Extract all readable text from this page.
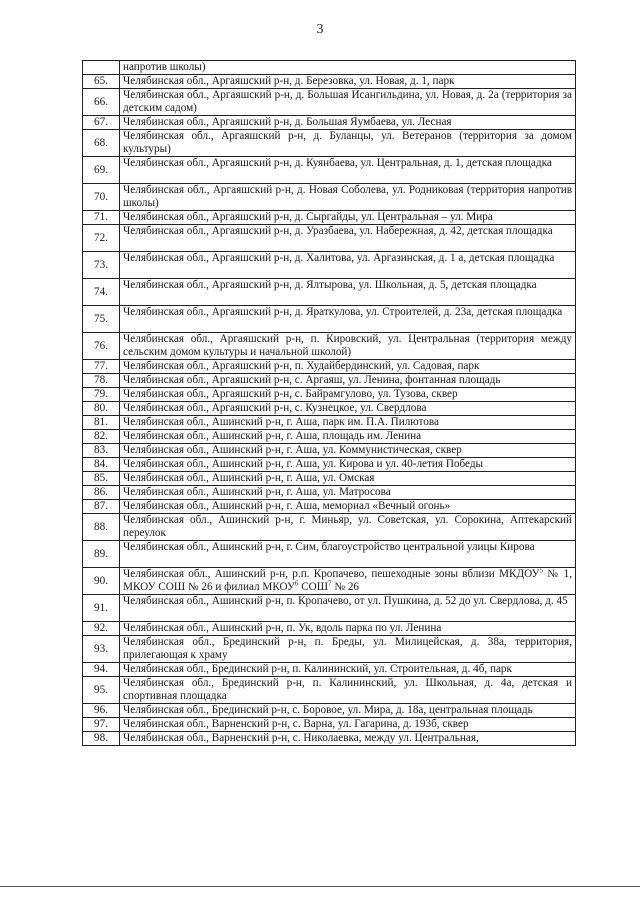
3
	напротив школы)
65.	Челябинская обл., Аргаяшский р-н, д. Березовка, ул. Новая, д. 1, парк
66.	Челябинская обл., Аргаяшский р-н, д. Большая Исангильдина, ул. Новая, д. 2а (территория за детским садом)
67.	Челябинская обл., Аргаяшский р-н, д. Большая Яумбаева, ул. Лесная
68.	Челябинская обл., Аргаяшский р-н, д. Буланцы, ул. Ветеранов (территория за домом культуры)
69.	Челябинская обл., Аргаяшский р-н, д. Куянбаева, ул. Центральная, д. 1, детская площадка
70.	Челябинская обл., Аргаяшский р-н, д. Новая Соболева, ул. Родниковая (территория напротив школы)
71.	Челябинская обл., Аргаяшский р-н, д. Сыргайды, ул. Центральная – ул. Мира
72.	Челябинская обл., Аргаяшский р-н, д. Уразбаева, ул. Набережная, д. 42, детская площадка
73.	Челябинская обл., Аргаяшский р-н, д. Халитова, ул. Аргазинская, д. 1 а, детская площадка
74.	Челябинская обл., Аргаяшский р-н, д. Ялтырова, ул. Школьная, д. 5, детская площадка
75.	Челябинская обл., Аргаяшский р-н, д. Яраткулова, ул. Строителей, д. 23а, детская площадка
76.	Челябинская обл., Аргаяшский р-н, п. Кировский, ул. Центральная (территория между сельским домом культуры и начальной школой)
77.	Челябинская обл., Аргаяшский р-н, п. Худайбердинский, ул. Садовая, парк
78.	Челябинская обл., Аргаяшский р-н, с. Аргаяш, ул. Ленина, фонтанная площадь
79.	Челябинская обл., Аргаяшский р-н, с. Байрамгулово, ул. Тузова, сквер
80.	Челябинская обл., Аргаяшский р-н, с. Кузнецкое, ул. Свердлова
81.	Челябинская обл., Ашинский р-н, г. Аша, парк им. П.А. Пилютова
82.	Челябинская обл., Ашинский р-н, г. Аша, площадь им. Ленина
83.	Челябинская обл., Ашинский р-н, г. Аша, ул. Коммунистическая, сквер
84.	Челябинская обл., Ашинский р-н, г. Аша, ул. Кирова и ул. 40-летия Победы
85.	Челябинская обл., Ашинский р-н, г. Аша, ул. Омская
86.	Челябинская обл., Ашинский р-н, г. Аша, ул. Матросова
87.	Челябинская обл., Ашинский р-н, г. Аша, мемориал «Вечный огонь»
88.	Челябинская обл., Ашинский р-н, г. Миньяр, ул. Советская, ул. Сорокина, Аптекарский переулок
89.	Челябинская обл., Ашинский р-н, г. Сим, благоустройство центральной улицы Кирова
90.	Челябинская обл., Ашинский р-н, р.п. Кропачево, пешеходные зоны вблизи МКДОУ$^5$ № 1, МКОУ СОШ № 26 и филиал МКОУ$^6$ СОШ$^7$ № 26
91.	Челябинская обл., Ашинский р-н, п. Кропачево, от ул. Пушкина, д. 52 до ул. Свердлова, д. 45
92.	Челябинская обл., Ашинский р-н, п. Ук, вдоль парка по ул. Ленина
93.	Челябинская обл., Брединский р-н, п. Бреды, ул. Милицейская, д. 38а, территория, прилегающая к храму
94.	Челябинская обл., Брединский р-н, п. Калининский, ул. Строительная, д. 4б, парк
95.	Челябинская обл., Брединский р-н, п. Калининский, ул. Школьная, д. 4а, детская и спортивная площадка
96.	Челябинская обл., Брединский р-н, с. Боровое, ул. Мира, д. 18а, центральная площадь
97.	Челябинская обл., Варненский р-н, с. Варна, ул. Гагарина, д. 193б, сквер
98.	Челябинская обл., Варненский р-н, с. Николаевка, между ул. Центральная,
